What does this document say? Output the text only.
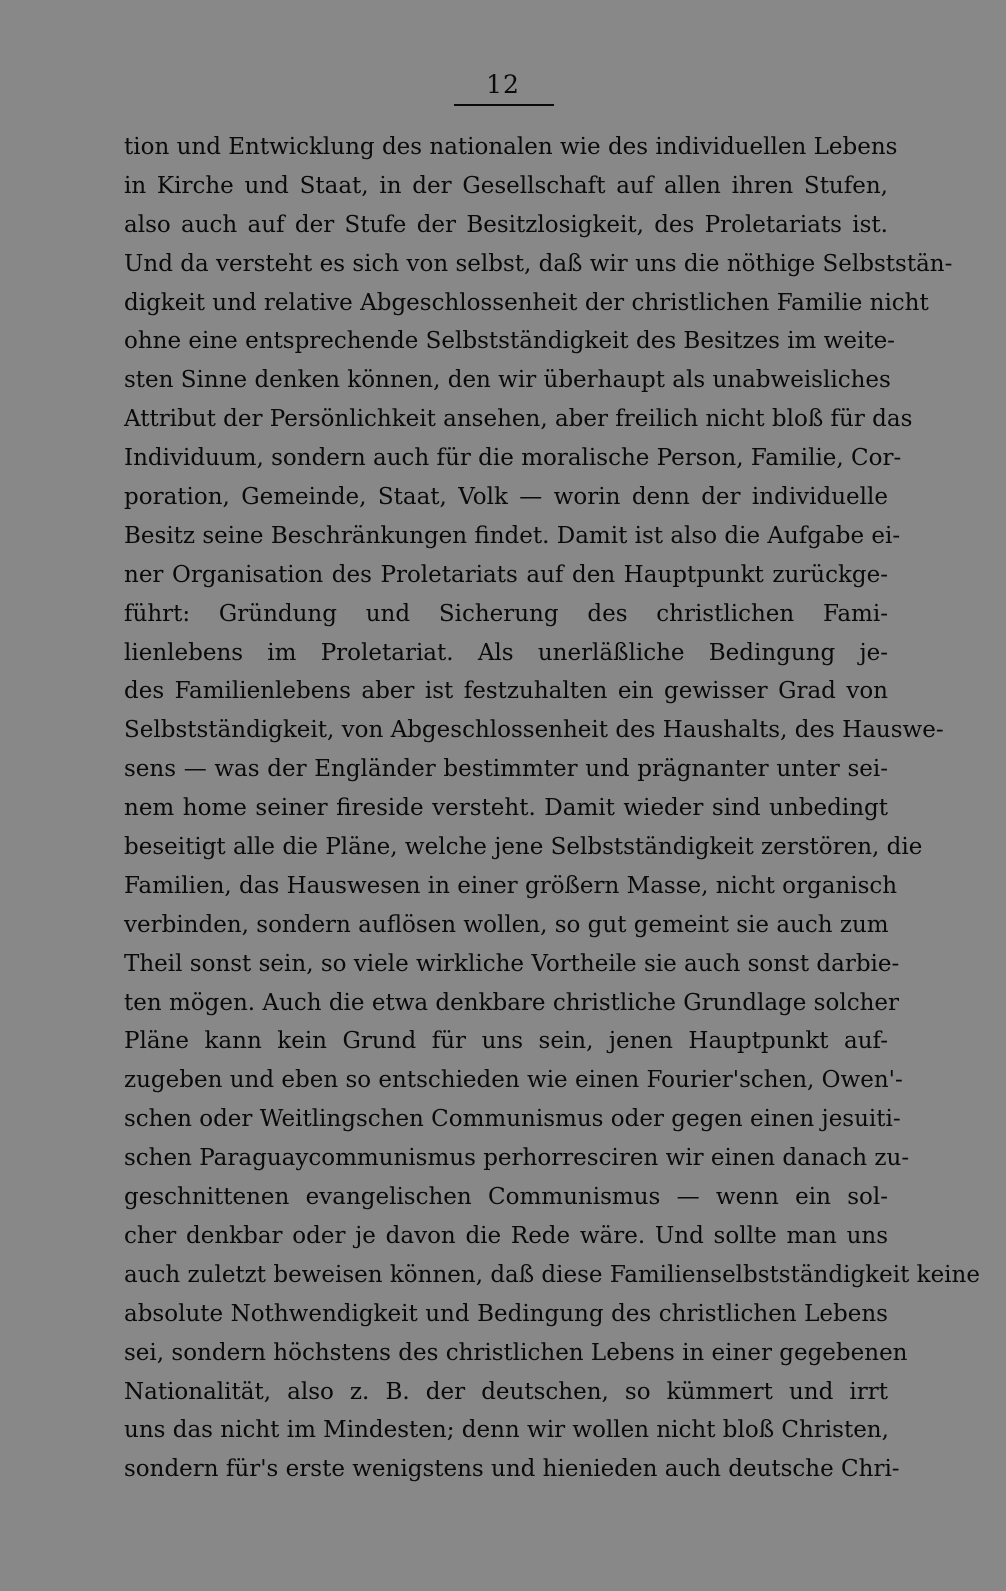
12
tion und Entwicklung des nationalen wie des individuellen Lebens
in Kirche und Staat, in der Gesellschaft auf allen ihren Stufen,
also auch auf der Stufe der Besitzlosigkeit, des Proletariats ist.
Und da versteht es sich von selbst, daß wir uns die nöthige Selbststän-
digkeit und relative Abgeschlossenheit der christlichen Familie nicht
ohne eine entsprechende Selbstständigkeit des Besitzes im weite-
sten Sinne denken können, den wir überhaupt als unabweisliches
Attribut der Persönlichkeit ansehen, aber freilich nicht bloß für das
Individuum, sondern auch für die moralische Person, Familie, Cor-
poration, Gemeinde, Staat, Volk — worin denn der individuelle
Besitz seine Beschränkungen findet. Damit ist also die Aufgabe ei-
ner Organisation des Proletariats auf den Hauptpunkt zurückge-
führt: Gründung und Sicherung des christlichen Fami-
lienlebens im Proletariat. Als unerläßliche Bedingung je-
des Familienlebens aber ist festzuhalten ein gewisser Grad von
Selbstständigkeit, von Abgeschlossenheit des Haushalts, des Hauswe-
sens — was der Engländer bestimmter und prägnanter unter sei-
nem home seiner fireside versteht. Damit wieder sind unbedingt
beseitigt alle die Pläne, welche jene Selbstständigkeit zerstören, die
Familien, das Hauswesen in einer größern Masse, nicht organisch
verbinden, sondern auflösen wollen, so gut gemeint sie auch zum
Theil sonst sein, so viele wirkliche Vortheile sie auch sonst darbie-
ten mögen. Auch die etwa denkbare christliche Grundlage solcher
Pläne kann kein Grund für uns sein, jenen Hauptpunkt auf-
zugeben und eben so entschieden wie einen Fourier'schen, Owen'-
schen oder Weitlingschen Communismus oder gegen einen jesuiti-
schen Paraguaycommunismus perhorresciren wir einen danach zu-
geschnittenen evangelischen Communismus — wenn ein sol-
cher denkbar oder je davon die Rede wäre. Und sollte man uns
auch zuletzt beweisen können, daß diese Familienselbstständigkeit keine
absolute Nothwendigkeit und Bedingung des christlichen Lebens
sei, sondern höchstens des christlichen Lebens in einer gegebenen
Nationalität, also z. B. der deutschen, so kümmert und irrt
uns das nicht im Mindesten; denn wir wollen nicht bloß Christen,
sondern für's erste wenigstens und hienieden auch deutsche Chri-
